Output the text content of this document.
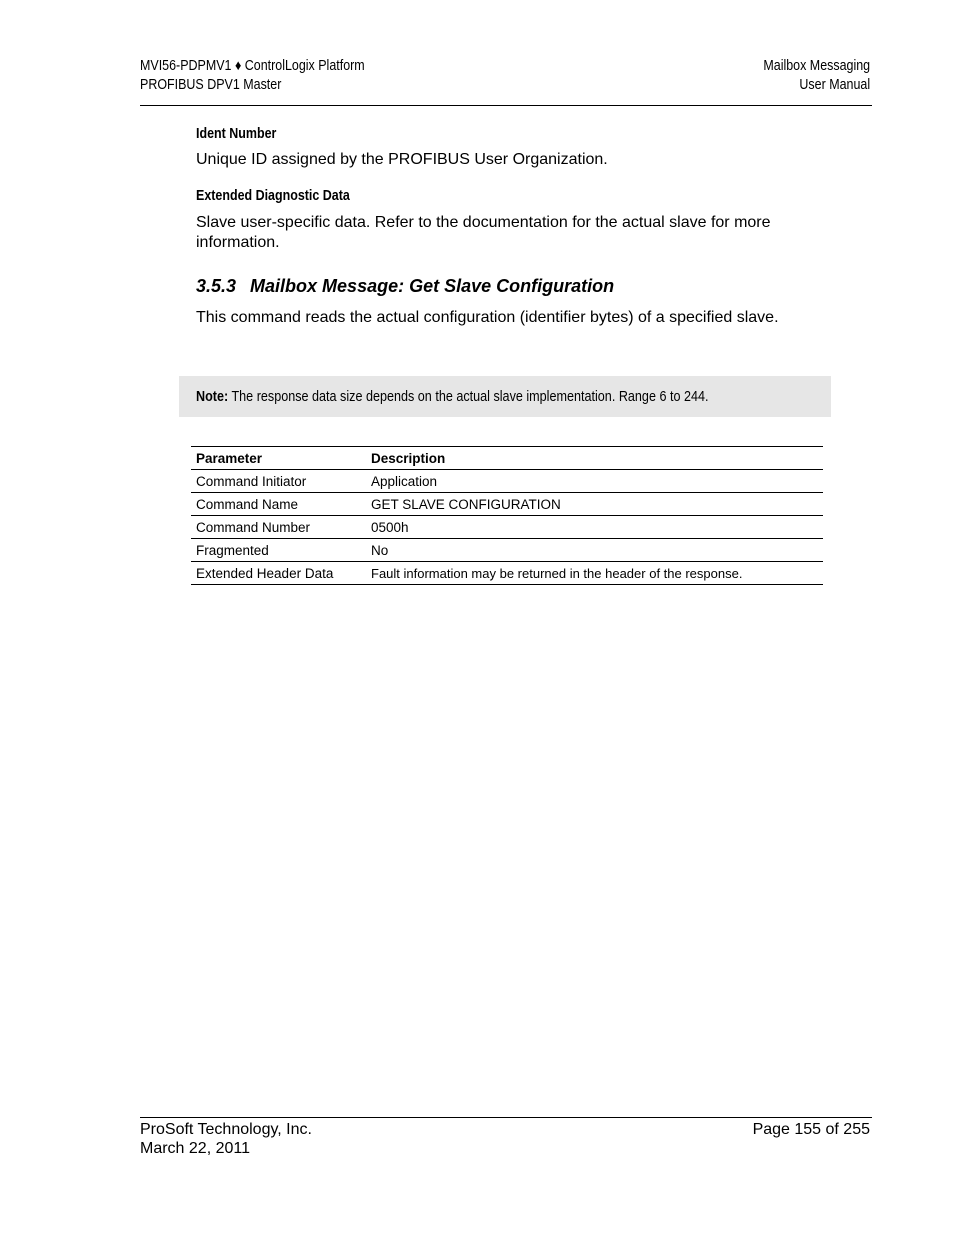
MVI56-PDPMV1 ♦ ControlLogix Platform
PROFIBUS DPV1 Master
Mailbox Messaging
User Manual
Ident Number
Unique ID assigned by the PROFIBUS User Organization.
Extended Diagnostic Data
Slave user-specific data. Refer to the documentation for the actual slave for more information.
3.5.3 Mailbox Message: Get Slave Configuration
This command reads the actual configuration (identifier bytes) of a specified slave.
Note: The response data size depends on the actual slave implementation. Range 6 to 244.
Parameter	Description
Command Initiator	Application
Command Name	GET SLAVE CONFIGURATION
Command Number	0500h
Fragmented	No
Extended Header Data	Fault information may be returned in the header of the response.
ProSoft Technology, Inc.
March 22, 2011
Page 155 of 255
